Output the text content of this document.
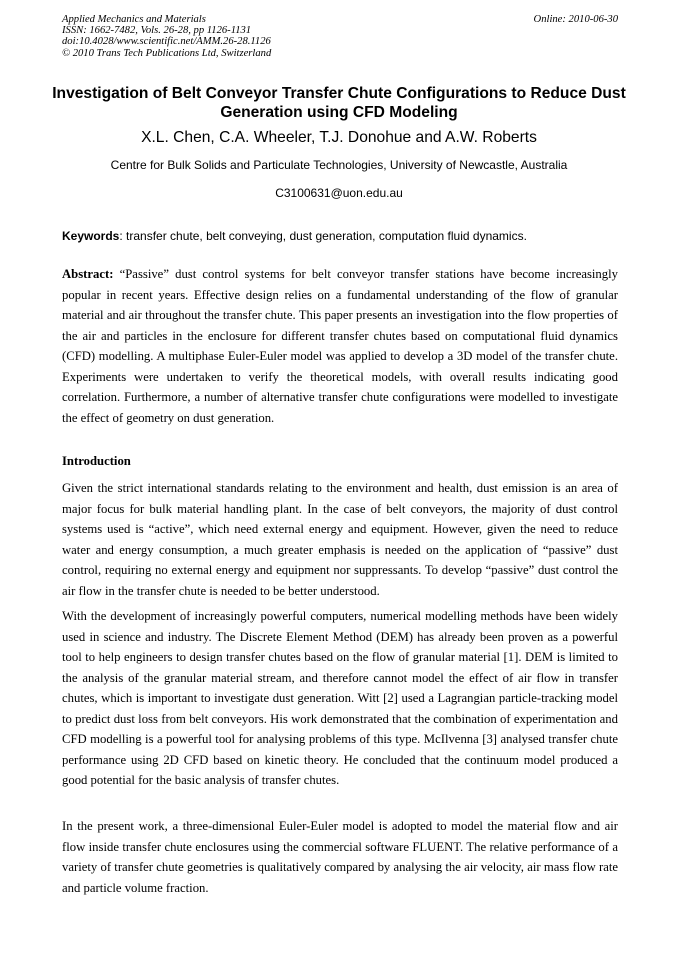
Applied Mechanics and Materials
ISSN: 1662-7482, Vols. 26-28, pp 1126-1131
doi:10.4028/www.scientific.net/AMM.26-28.1126
© 2010 Trans Tech Publications Ltd, Switzerland
Online: 2010-06-30
Investigation of Belt Conveyor Transfer Chute Configurations to Reduce Dust Generation using CFD Modeling
X.L. Chen, C.A. Wheeler, T.J. Donohue and A.W. Roberts
Centre for Bulk Solids and Particulate Technologies, University of Newcastle, Australia
C3100631@uon.edu.au
Keywords: transfer chute, belt conveying, dust generation, computation fluid dynamics.

Abstract: “Passive” dust control systems for belt conveyor transfer stations have become increasingly popular in recent years. Effective design relies on a fundamental understanding of the flow of granular material and air throughout the transfer chute. This paper presents an investigation into the flow properties of the air and particles in the enclosure for different transfer chutes based on computational fluid dynamics (CFD) modelling. A multiphase Euler-Euler model was applied to develop a 3D model of the transfer chute. Experiments were undertaken to verify the theoretical models, with overall results indicating good correlation. Furthermore, a number of alternative transfer chute configurations were modelled to investigate the effect of geometry on dust generation.

Introduction

Given the strict international standards relating to the environment and health, dust emission is an area of major focus for bulk material handling plant. In the case of belt conveyors, the majority of dust control systems used is “active”, which need external energy and equipment. However, given the need to reduce water and energy consumption, a much greater emphasis is needed on the application of “passive” dust control, requiring no external energy and equipment nor suppressants. To develop “passive” dust control the air flow in the transfer chute is needed to be better understood.

With the development of increasingly powerful computers, numerical modelling methods have been widely used in science and industry. The Discrete Element Method (DEM) has already been proven as a powerful tool to help engineers to design transfer chutes based on the flow of granular material [1]. DEM is limited to the analysis of the granular material stream, and therefore cannot model the effect of air flow in transfer chutes, which is important to investigate dust generation. Witt [2] used a Lagrangian particle-tracking model to predict dust loss from belt conveyors. His work demonstrated that the combination of experimentation and CFD modelling is a powerful tool for analysing problems of this type. McIlvenna [3] analysed transfer chute performance using 2D CFD based on kinetic theory. He concluded that the continuum model produced a good potential for the basic analysis of transfer chutes.

In the present work, a three-dimensional Euler-Euler model is adopted to model the material flow and air flow inside transfer chute enclosures using the commercial software FLUENT. The relative performance of a variety of transfer chute geometries is qualitatively compared by analysing the air velocity, air mass flow rate and particle volume fraction.
